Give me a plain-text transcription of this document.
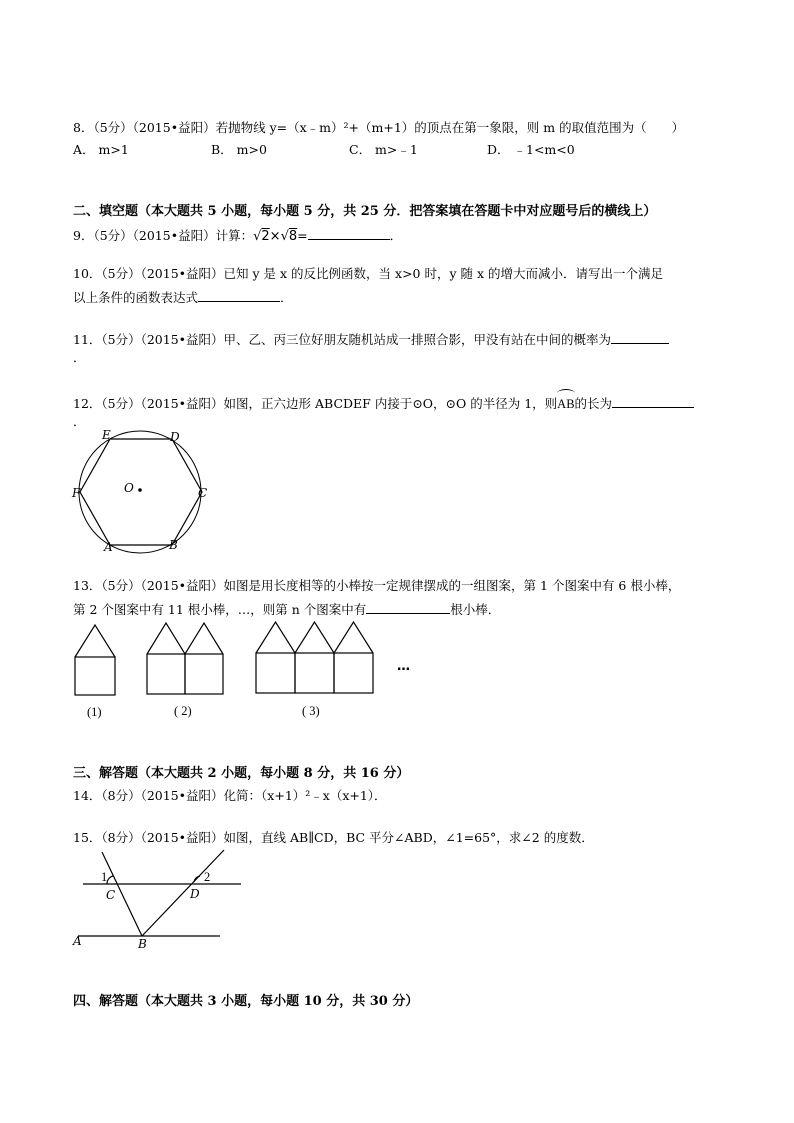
8．（5分）（2015•益阳）若抛物线 y=（x﹣m）²+（m+1）的顶点在第一象限，则 m 的取值范围为（　　）
A． m>1	B． m>0	C． m>﹣1	D． ﹣1<m<0
二、填空题（本大题共 5 小题，每小题 5 分，共 25 分．把答案填在答题卡中对应题号后的横线上）
9．（5分）（2015•益阳）计算：√2×√8=	．
10．（5分）（2015•益阳）已知 y 是 x 的反比例函数，当 x>0 时，y 随 x 的增大而减小．请写出一个满足
以上条件的函数表达式	．
11．（5分）（2015•益阳）甲、乙、丙三位好朋友随机站成一排照合影，甲没有站在中间的概率为
．
12．（5分）（2015•益阳）如图，正六边形 ABCDEF 内接于⊙O，⊙O 的半径为 1，则
AB的长为
．
O
E	D
F	C
A	B
13．（5分）（2015•益阳）如图是用长度相等的小棒按一定规律摆成的一组图案，第 1 个图案中有 6 根小棒，
第 2 个图案中有 11 根小棒，…，则第 n 个图案中有	根小棒．
…
(1)	( 2)	( 3)
三、解答题（本大题共 2 小题，每小题 8 分，共 16 分）
14．（8分）（2015•益阳）化简：（x+1）²﹣x（x+1）．
15．（8分）（2015•益阳）如图，直线 AB∥CD，BC 平分∠ABD，∠1=65°，求∠2 的度数．
1	2
C	D
A	B
四、解答题（本大题共 3 小题，每小题 10 分，共 30 分）
